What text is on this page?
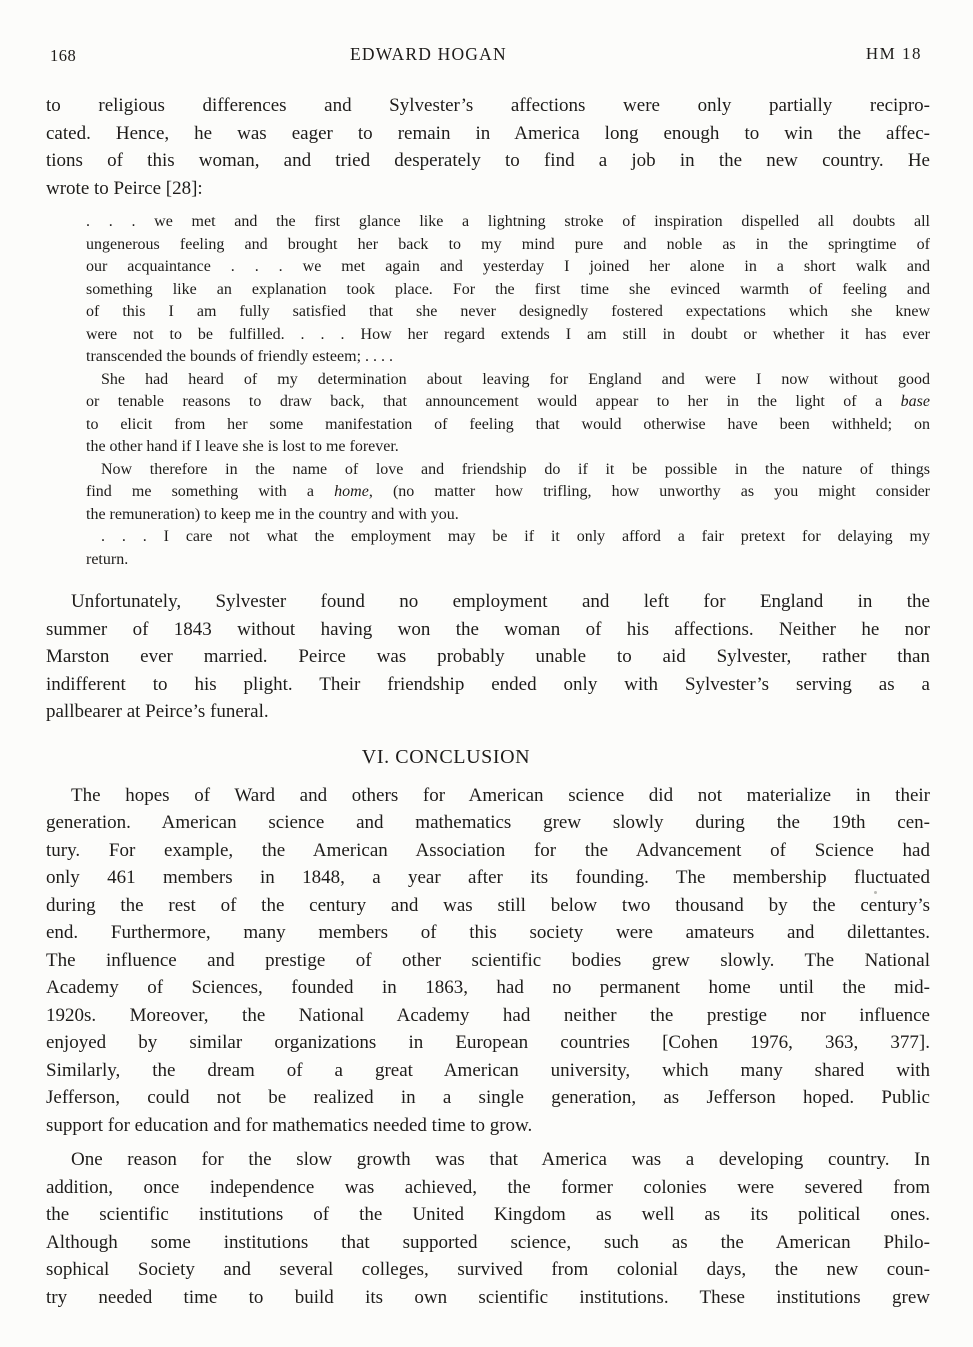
168	EDWARD HOGAN	HM 18
to religious differences and Sylvester’s affections were only partially recipro-
cated. Hence, he was eager to remain in America long enough to win the affec-
tions of this woman, and tried desperately to find a job in the new country. He
wrote to Peirce [28]:
. . . we met and the first glance like a lightning stroke of inspiration dispelled all doubts all
ungenerous feeling and brought her back to my mind pure and noble as in the springtime of
our acquaintance . . . we met again and yesterday I joined her alone in a short walk and
something like an explanation took place. For the first time she evinced warmth of feeling and
of this I am fully satisfied that she never designedly fostered expectations which she knew
were not to be fulfilled. . . . How her regard extends I am still in doubt or whether it has ever
transcended the bounds of friendly esteem; . . . .
She had heard of my determination about leaving for England and were I now without good
or tenable reasons to draw back, that announcement would appear to her in the light of a base
to elicit from her some manifestation of feeling that would otherwise have been withheld; on
the other hand if I leave she is lost to me forever.
Now therefore in the name of love and friendship do if it be possible in the nature of things
find me something with a home, (no matter how trifling, how unworthy as you might consider
the remuneration) to keep me in the country and with you.
. . . I care not what the employment may be if it only afford a fair pretext for delaying my
return.
Unfortunately, Sylvester found no employment and left for England in the
summer of 1843 without having won the woman of his affections. Neither he nor
Marston ever married. Peirce was probably unable to aid Sylvester, rather than
indifferent to his plight. Their friendship ended only with Sylvester’s serving as a
pallbearer at Peirce’s funeral.
VI. CONCLUSION
The hopes of Ward and others for American science did not materialize in their
generation. American science and mathematics grew slowly during the 19th cen-
tury. For example, the American Association for the Advancement of Science had
only 461 members in 1848, a year after its founding. The membership fluctuated
during the rest of the century and was still below two thousand by the century’s
end. Furthermore, many members of this society were amateurs and dilettantes.
The influence and prestige of other scientific bodies grew slowly. The National
Academy of Sciences, founded in 1863, had no permanent home until the mid-
1920s. Moreover, the National Academy had neither the prestige nor influence
enjoyed by similar organizations in European countries [Cohen 1976, 363, 377].
Similarly, the dream of a great American university, which many shared with
Jefferson, could not be realized in a single generation, as Jefferson hoped. Public
support for education and for mathematics needed time to grow.
One reason for the slow growth was that America was a developing country. In
addition, once independence was achieved, the former colonies were severed from
the scientific institutions of the United Kingdom as well as its political ones.
Although some institutions that supported science, such as the American Philo-
sophical Society and several colleges, survived from colonial days, the new coun-
try needed time to build its own scientific institutions. These institutions grew
